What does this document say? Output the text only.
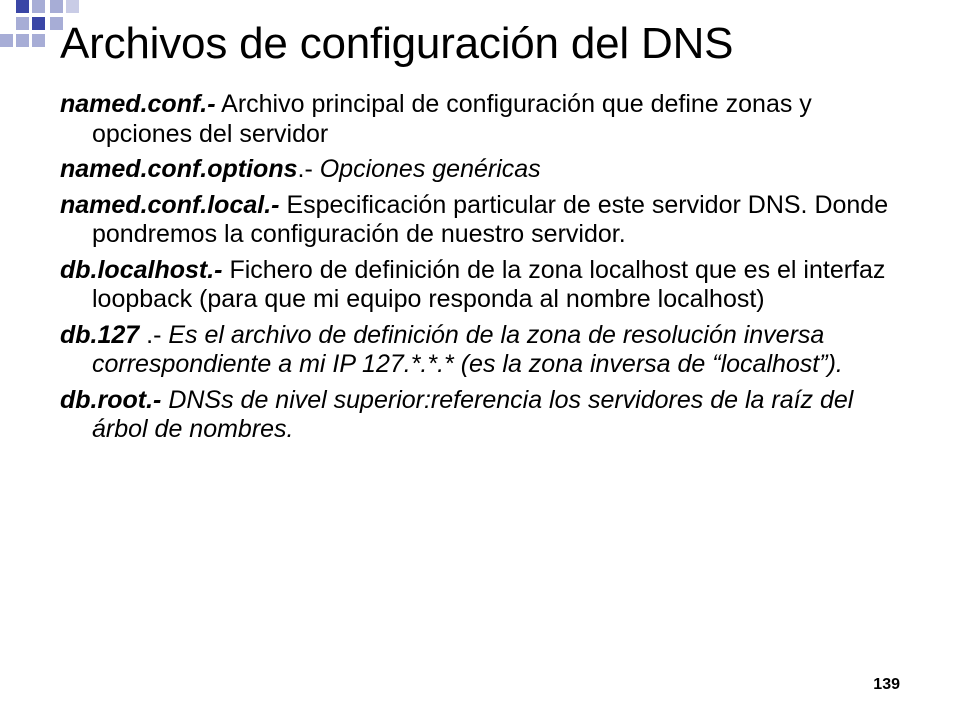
Archivos de configuración del DNS

named.conf.- Archivo principal de configuración que define zonas y opciones del servidor

named.conf.options.- Opciones genéricas

named.conf.local.- Especificación particular de este servidor DNS. Donde pondremos la configuración de nuestro servidor.

db.localhost.- Fichero de definición de la zona localhost que es el interfaz loopback (para que mi equipo responda al nombre localhost)

db.127 .- Es el archivo de definición de la zona de resolución inversa correspondiente a mi IP 127.*.*.* (es la zona inversa de “localhost”).

db.root.- DNSs de nivel superior:referencia los servidores de la raíz del árbol de nombres.

139
